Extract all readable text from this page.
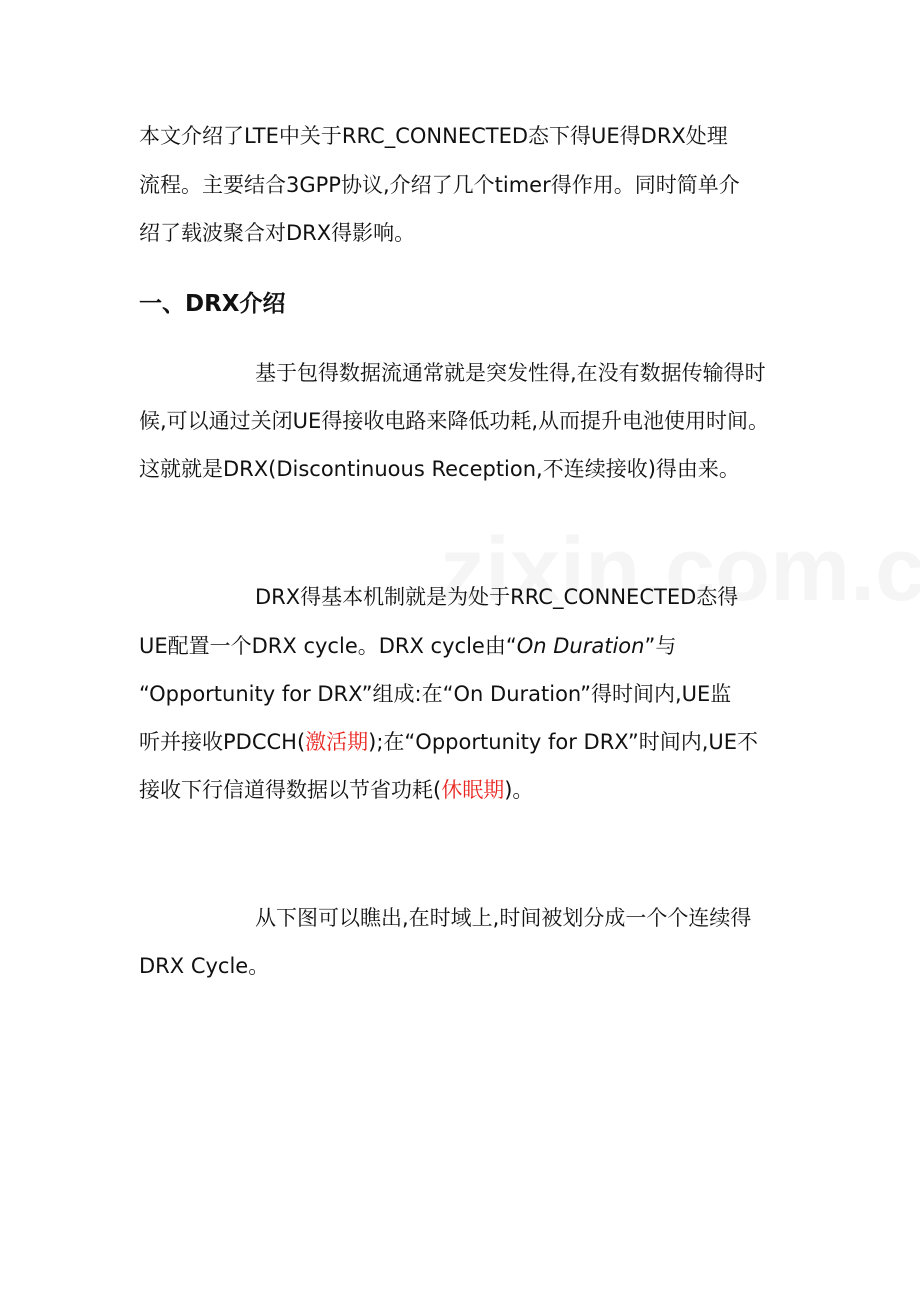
本文介绍了LTE中关于RRC_CONNECTED态下得UE得DRX处理
流程。主要结合3GPP协议,介绍了几个timer得作用。同时简单介
绍了载波聚合对DRX得影响。
一、DRX介绍
基于包得数据流通常就是突发性得,在没有数据传输得时
候,可以通过关闭UE得接收电路来降低功耗,从而提升电池使用时间。
这就就是DRX(Discontinuous Reception,不连续接收)得由来。
DRX得基本机制就是为处于RRC_CONNECTED态得
UE配置一个DRX cycle。DRX cycle由“On Duration”与
“Opportunity for DRX”组成:在“On Duration”得时间内,UE监
听并接收PDCCH(激活期);在“Opportunity for DRX”时间内,UE不
接收下行信道得数据以节省功耗(休眠期)。
从下图可以瞧出,在时域上,时间被划分成一个个连续得
DRX Cycle。
